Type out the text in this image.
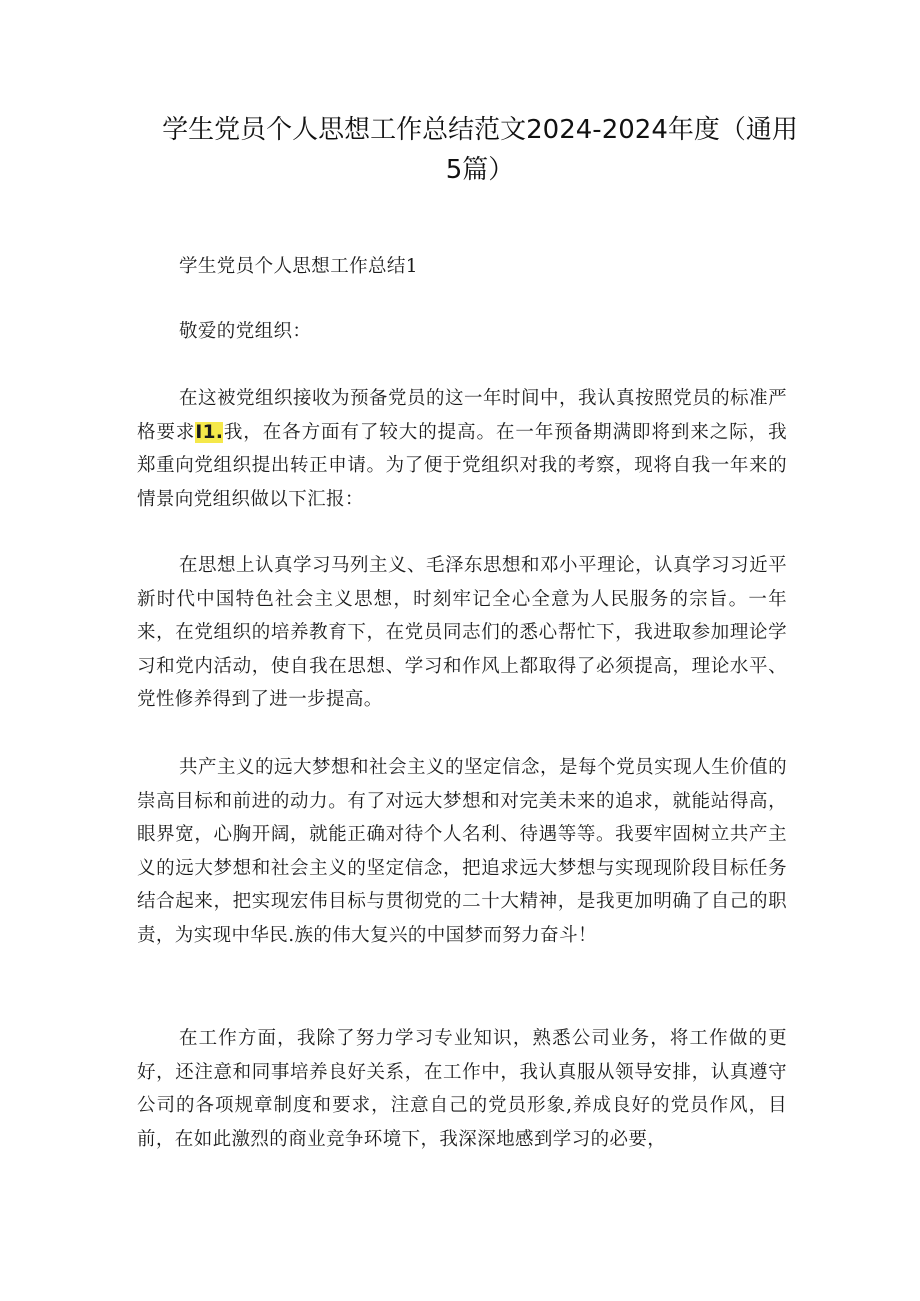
学生党员个人思想工作总结范文2024-2024年度（通用5篇）
学生党员个人思想工作总结1
敬爱的党组织：
在这被党组织接收为预备党员的这一年时间中，我认真按照党员的标准严格要求I1.我，在各方面有了较大的提高。在一年预备期满即将到来之际，我郑重向党组织提出转正申请。为了便于党组织对我的考察，现将自我一年来的情景向党组织做以下汇报：
在思想上认真学习马列主义、毛泽东思想和邓小平理论，认真学习习近平新时代中国特色社会主义思想，时刻牢记全心全意为人民服务的宗旨。一年来，在党组织的培养教育下，在党员同志们的悉心帮忙下，我进取参加理论学习和党内活动，使自我在思想、学习和作风上都取得了必须提高，理论水平、党性修养得到了进一步提高。
共产主义的远大梦想和社会主义的坚定信念，是每个党员实现人生价值的崇高目标和前进的动力。有了对远大梦想和对完美未来的追求，就能站得高，眼界宽，心胸开阔，就能正确对待个人名利、待遇等等。我要牢固树立共产主义的远大梦想和社会主义的坚定信念，把追求远大梦想与实现现阶段目标任务结合起来，把实现宏伟目标与贯彻党的二十大精神，是我更加明确了自己的职责，为实现中华民.族的伟大复兴的中国梦而努力奋斗！
在工作方面，我除了努力学习专业知识，熟悉公司业务，将工作做的更好，还注意和同事培养良好关系，在工作中，我认真服从领导安排，认真遵守公司的各项规章制度和要求，注意自己的党员形象,养成良好的党员作风，目前，在如此激烈的商业竞争环境下，我深深地感到学习的必要，
